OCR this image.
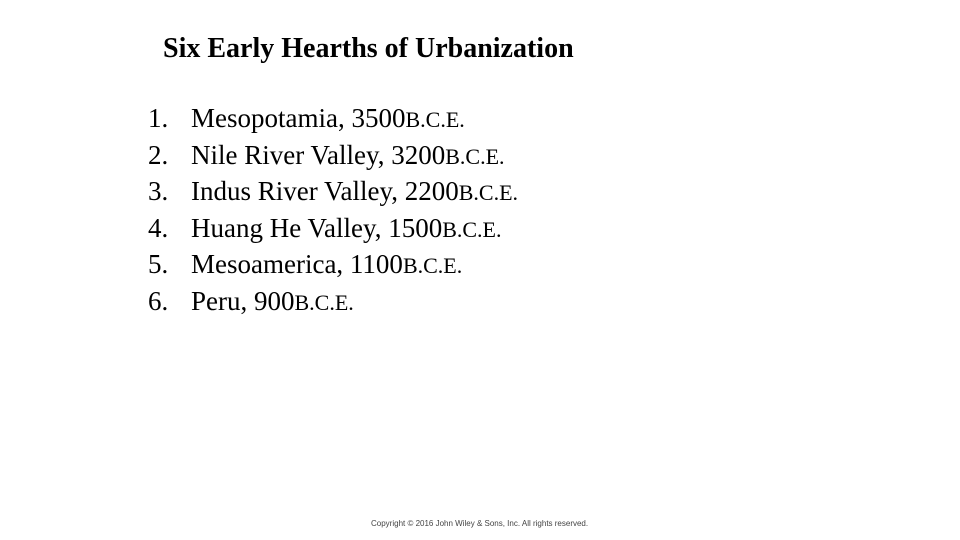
Six Early Hearths of Urbanization
1. Mesopotamia, 3500 B.C.E.
2. Nile River Valley, 3200 B.C.E.
3. Indus River Valley, 2200 B.C.E.
4. Huang He Valley, 1500 B.C.E.
5. Mesoamerica, 1100 B.C.E.
6. Peru, 900 B.C.E.
Copyright © 2016 John Wiley & Sons, Inc. All rights reserved.
